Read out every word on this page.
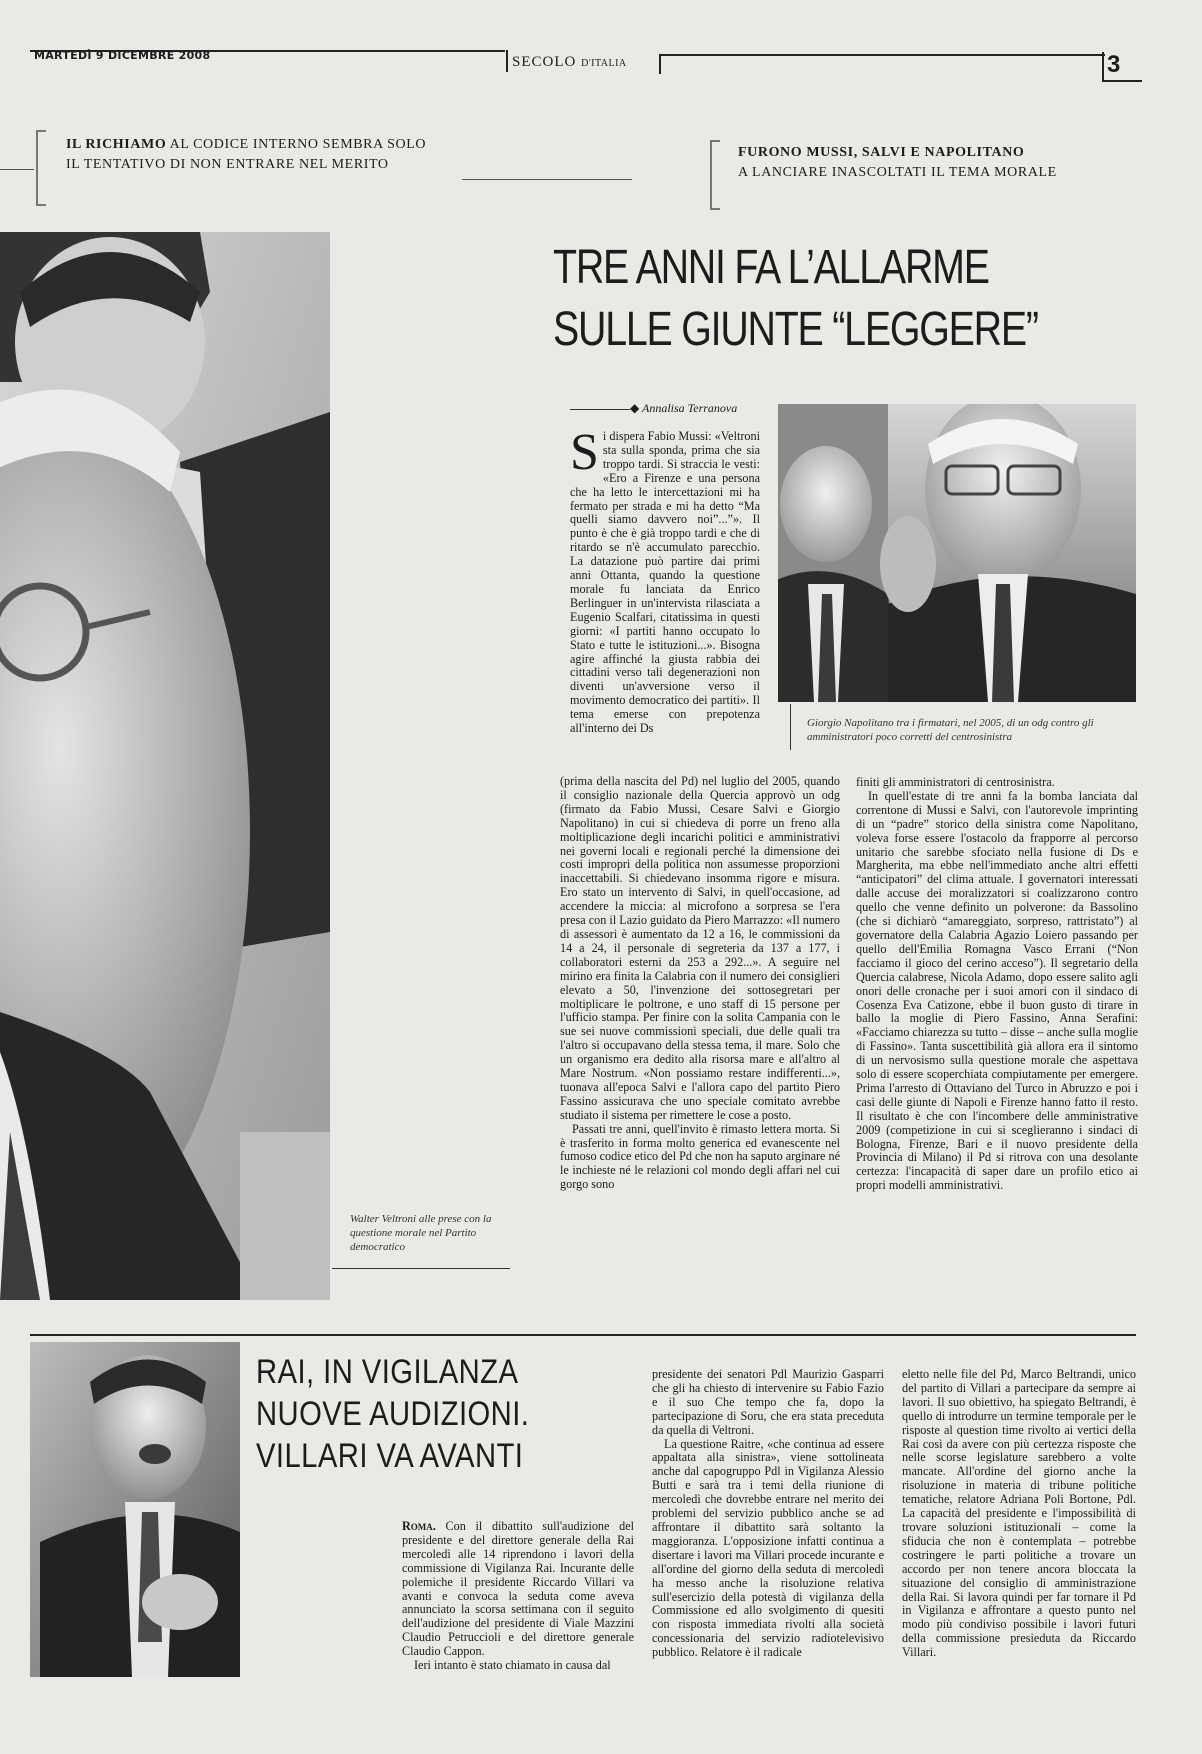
MARTEDÌ 9 DICEMBRE 2008	SECOLO D'ITALIA	3
IL RICHIAMO AL CODICE INTERNO SEMBRA SOLO
IL TENTATIVO DI NON ENTRARE NEL MERITO
FURONO MUSSI, SALVI E NAPOLITANO
A LANCIARE INASCOLTATI IL TEMA MORALE
Walter Veltroni alle prese con la questione morale nel Partito democratico
TRE ANNI FA L’ALLARME
SULLE GIUNTE “LEGGERE”
◆ Annalisa Terranova
Giorgio Napolitano tra i firmatari, nel 2005, di un odg contro gli amministratori poco corretti del centrosinistra

Si dispera Fabio Mussi: «Veltroni sta sulla sponda, prima che sia troppo tardi. Si straccia le vesti: «Ero a Firenze e una persona che ha letto le intercettazioni mi ha fermato per strada e mi ha detto “Ma quelli siamo davvero noi”...”». Il punto è che è già troppo tardi e che di ritardo se n'è accumulato parecchio. La datazione può partire dai primi anni Ottanta, quando la questione morale fu lanciata da Enrico Berlinguer in un'intervista rilasciata a Eugenio Scalfari, citatissima in questi giorni: «I partiti hanno occupato lo Stato e tutte le istituzioni...». Bisogna agire affinché la giusta rabbia dei cittadini verso tali degenerazioni non diventi un'avversione verso il movimento democratico dei partiti». Il tema emerse con prepotenza all'interno dei Ds

(prima della nascita del Pd) nel luglio del 2005, quando il consiglio nazionale della Quercia approvò un odg (firmato da Fabio Mussi, Cesare Salvi e Giorgio Napolitano) in cui si chiedeva di porre un freno alla moltiplicazione degli incarichi politici e amministrativi nei governi locali e regionali perché la dimensione dei costi impropri della politica non assumesse proporzioni inaccettabili. Si chiedevano insomma rigore e misura. Ero stato un intervento di Salvi, in quell'occasione, ad accendere la miccia: al microfono a sorpresa se l'era presa con il Lazio guidato da Piero Marrazzo: «Il numero di assessori è aumentato da 12 a 16, le commissioni da 14 a 24, il personale di segreteria da 137 a 177, i collaboratori esterni da 253 a 292...». A seguire nel mirino era finita la Calabria con il numero dei consiglieri elevato a 50, l'invenzione dei sottosegretari per moltiplicare le poltrone, e uno staff di 15 persone per l'ufficio stampa. Per finire con la solita Campania con le sue sei nuove commissioni speciali, due delle quali tra l'altro si occupavano della stessa tema, il mare. Solo che un organismo era dedito alla risorsa mare e all'altro al Mare Nostrum. «Non possiamo restare indifferenti...», tuonava all'epoca Salvi e l'allora capo del partito Piero Fassino assicurava che uno speciale comitato avrebbe studiato il sistema per rimettere le cose a posto.

Passati tre anni, quell'invito è rimasto lettera morta. Si è trasferito in forma molto generica ed evanescente nel fumoso codice etico del Pd che non ha saputo arginare né le inchieste né le relazioni col mondo degli affari nel cui gorgo sono

finiti gli amministratori di centrosinistra.

In quell'estate di tre anni fa la bomba lanciata dal correntone di Mussi e Salvi, con l'autorevole imprinting di un “padre” storico della sinistra come Napolitano, voleva forse essere l'ostacolo da frapporre al percorso unitario che sarebbe sfociato nella fusione di Ds e Margherita, ma ebbe nell'immediato anche altri effetti “anticipatori” del clima attuale. I governatori interessati dalle accuse dei moralizzatori si coalizzarono contro quello che venne definito un polverone: da Bassolino (che si dichiarò “amareggiato, sorpreso, rattristato”) al governatore della Calabria Agazio Loiero passando per quello dell'Emilia Romagna Vasco Errani (“Non facciamo il gioco del cerino acceso”). Il segretario della Quercia calabrese, Nicola Adamo, dopo essere salito agli onori delle cronache per i suoi amori con il sindaco di Cosenza Eva Catizone, ebbe il buon gusto di tirare in ballo la moglie di Piero Fassino, Anna Serafini: «Facciamo chiarezza su tutto – disse – anche sulla moglie di Fassino». Tanta suscettibilità già allora era il sintomo di un nervosismo sulla questione morale che aspettava solo di essere scoperchiata compiutamente per emergere. Prima l'arresto di Ottaviano del Turco in Abruzzo e poi i casi delle giunte di Napoli e Firenze hanno fatto il resto. Il risultato è che con l'incombere delle amministrative 2009 (competizione in cui si sceglieranno i sindaci di Bologna, Firenze, Bari e il nuovo presidente della Provincia di Milano) il Pd si ritrova con una desolante certezza: l'incapacità di saper dare un profilo etico ai propri modelli amministrativi.

RAI, IN VIGILANZA
NUOVE AUDIZIONI.
VILLARI VA AVANTI

Roma. Con il dibattito sull'audizione del presidente e del direttore generale della Rai mercoledì alle 14 riprendono i lavori della commissione di Vigilanza Rai. Incurante delle polemiche il presidente Riccardo Villari va avanti e convoca la seduta come aveva annunciato la scorsa settimana con il seguito dell'audizione del presidente di Viale Mazzini Claudio Petruccioli e del direttore generale Claudio Cappon.

Ieri intanto è stato chiamato in causa dal

presidente dei senatori Pdl Maurizio Gasparri che gli ha chiesto di intervenire su Fabio Fazio e il suo Che tempo che fa, dopo la partecipazione di Soru, che era stata preceduta da quella di Veltroni.

La questione Raitre, «che continua ad essere appaltata alla sinistra», viene sottolineata anche dal capogruppo Pdl in Vigilanza Alessio Butti e sarà tra i temi della riunione di mercoledì che dovrebbe entrare nel merito dei problemi del servizio pubblico anche se ad affrontare il dibattito sarà soltanto la maggioranza. L'opposizione infatti continua a disertare i lavori ma Villari procede incurante e all'ordine del giorno della seduta di mercoledì ha messo anche la risoluzione relativa sull'esercizio della potestà di vigilanza della Commissione ed allo svolgimento di quesiti con risposta immediata rivolti alla società concessionaria del servizio radiotelevisivo pubblico. Relatore è il radicale

eletto nelle file del Pd, Marco Beltrandi, unico del partito di Villari a partecipare da sempre ai lavori. Il suo obiettivo, ha spiegato Beltrandi, è quello di introdurre un termine temporale per le risposte al question time rivolto ai vertici della Rai così da avere con più certezza risposte che nelle scorse legislature sarebbero a volte mancate. All'ordine del giorno anche la risoluzione in materia di tribune politiche tematiche, relatore Adriana Poli Bortone, Pdl. La capacità del presidente e l'impossibilità di trovare soluzioni istituzionali – come la sfiducia che non è contemplata – potrebbe costringere le parti politiche a trovare un accordo per non tenere ancora bloccata la situazione del consiglio di amministrazione della Rai. Si lavora quindi per far tornare il Pd in Vigilanza e affrontare a questo punto nel modo più condiviso possibile i lavori futuri della commissione presieduta da Riccardo Villari.
